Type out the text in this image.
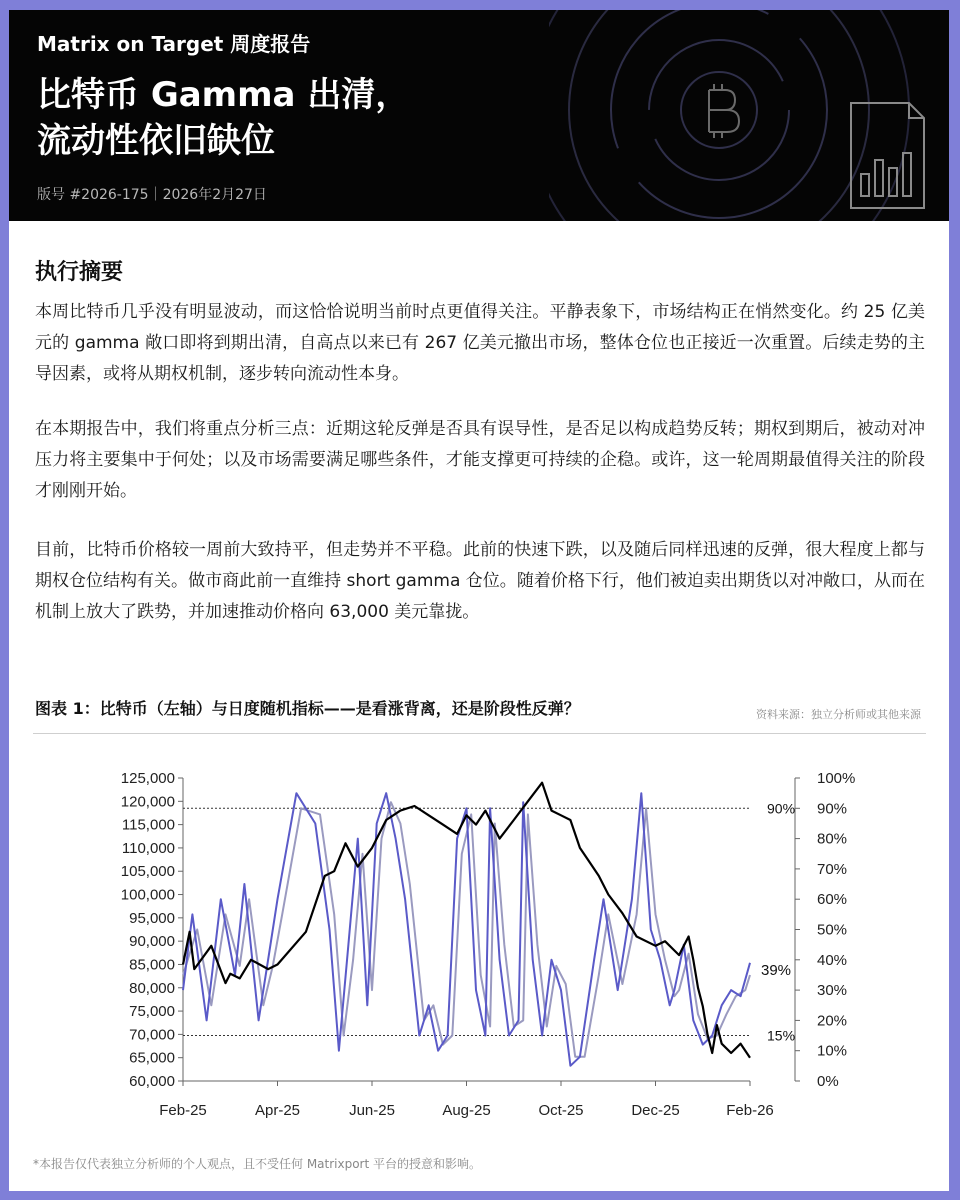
Matrix on Target 周度报告
比特币 Gamma 出清，
流动性依旧缺位
版号 #2026-175｜2026年2月27日
执行摘要

本周比特币几乎没有明显波动，而这恰恰说明当前时点更值得关注。平静表象下，市场结构正在悄然变化。约 25 亿美元的 gamma 敞口即将到期出清，自高点以来已有 267 亿美元撤出市场，整体仓位也正接近一次重置。后续走势的主导因素，或将从期权机制，逐步转向流动性本身。

在本期报告中，我们将重点分析三点：近期这轮反弹是否具有误导性，是否足以构成趋势反转；期权到期后，被动对冲压力将主要集中于何处；以及市场需要满足哪些条件，才能支撑更可持续的企稳。或许，这一轮周期最值得关注的阶段才刚刚开始。

目前，比特币价格较一周前大致持平，但走势并不平稳。此前的快速下跌，以及随后同样迅速的反弹，很大程度上都与期权仓位结构有关。做市商此前一直维持 short gamma 仓位。随着价格下行，他们被迫卖出期货以对冲敞口，从而在机制上放大了跌势，并加速推动价格向 63,000 美元靠拢。

图表 1：比特币（左轴）与日度随机指标——是看涨背离，还是阶段性反弹？	资料来源：独立分析师或其他来源
90%
15%
60,000
65,000
70,000
75,000
80,000
85,000
90,000
95,000
100,000
105,000
110,000
115,000
120,000
125,000
0%
10%
20%
30%
40%
50%
60%
70%
80%
90%
100%
Feb-25	Apr-25	Jun-25	Aug-25	Oct-25	Dec-25	Feb-26
39%
*本报告仅代表独立分析师的个人观点，且不受任何 Matrixport 平台的授意和影响。
